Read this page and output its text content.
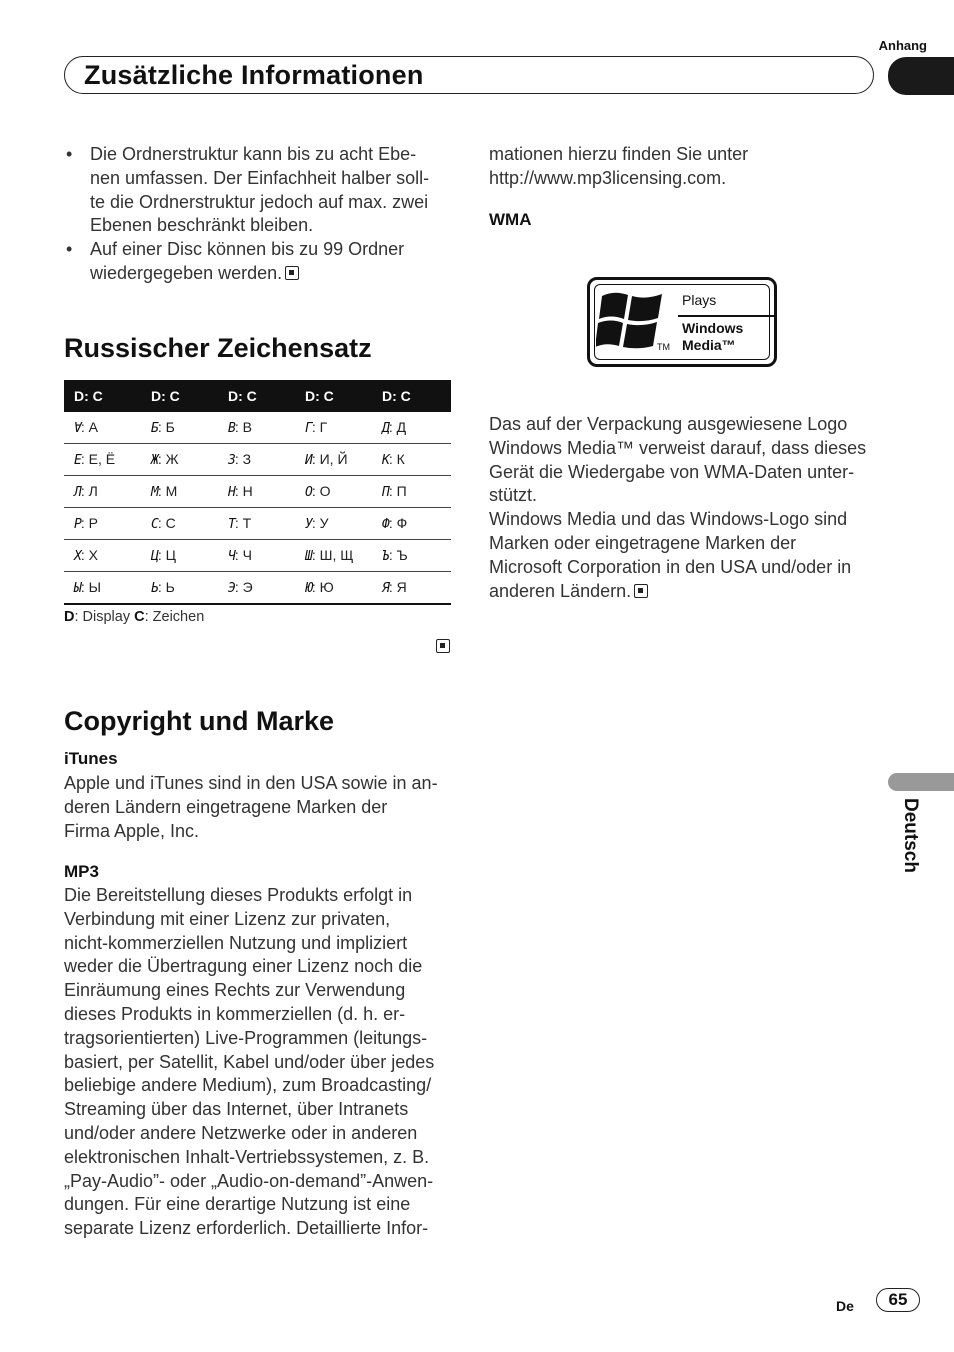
Anhang
Zusätzliche Informationen
• Die Ordnerstruktur kann bis zu acht Ebe-
nen umfassen. Der Einfachheit halber soll-
te die Ordnerstruktur jedoch auf max. zwei
Ebenen beschränkt bleiben.
• Auf einer Disc können bis zu 99 Ordner
wiedergegeben werden.
Russischer Zeichensatz
D: C	D: C	D: C	D: C	D: C
Ɐ: А	Б: Б	В: В	Г: Г	Д: Д
Е: Е, Ё	Ж: Ж	З: З	И: И, Й	К: К
Л: Л	М: М	Н: Н	О: О	П: П
Р: Р	С: С	Т: Т	У: У	Ф: Ф
Х: Х	Ц: Ц	Ч: Ч	Ш: Ш, Щ	Ъ: Ъ
Ы: Ы	Ь: Ь	Э: Э	Ю: Ю	Я: Я
D: Display C: Zeichen
Copyright und Marke
iTunes
Apple und iTunes sind in den USA sowie in an-
deren Ländern eingetragene Marken der
Firma Apple, Inc.
MP3
Die Bereitstellung dieses Produkts erfolgt in
Verbindung mit einer Lizenz zur privaten,
nicht-kommerziellen Nutzung und impliziert
weder die Übertragung einer Lizenz noch die
Einräumung eines Rechts zur Verwendung
dieses Produkts in kommerziellen (d. h. er-
tragsorientierten) Live-Programmen (leitungs-
basiert, per Satellit, Kabel und/oder über jedes
beliebige andere Medium), zum Broadcasting/
Streaming über das Internet, über Intranets
und/oder andere Netzwerke oder in anderen
elektronischen Inhalt-Vertriebssystemen, z. B.
„Pay-Audio”- oder „Audio-on-demand”-Anwen-
dungen. Für eine derartige Nutzung ist eine
separate Lizenz erforderlich. Detaillierte Infor-
mationen hierzu finden Sie unter
http://www.mp3licensing.com.
WMA
Plays
Windows
Media™
TM
Das auf der Verpackung ausgewiesene Logo
Windows Media™ verweist darauf, dass dieses
Gerät die Wiedergabe von WMA-Daten unter-
stützt.
Windows Media und das Windows-Logo sind
Marken oder eingetragene Marken der
Microsoft Corporation in den USA und/oder in
anderen Ländern.
Deutsch
De	65
